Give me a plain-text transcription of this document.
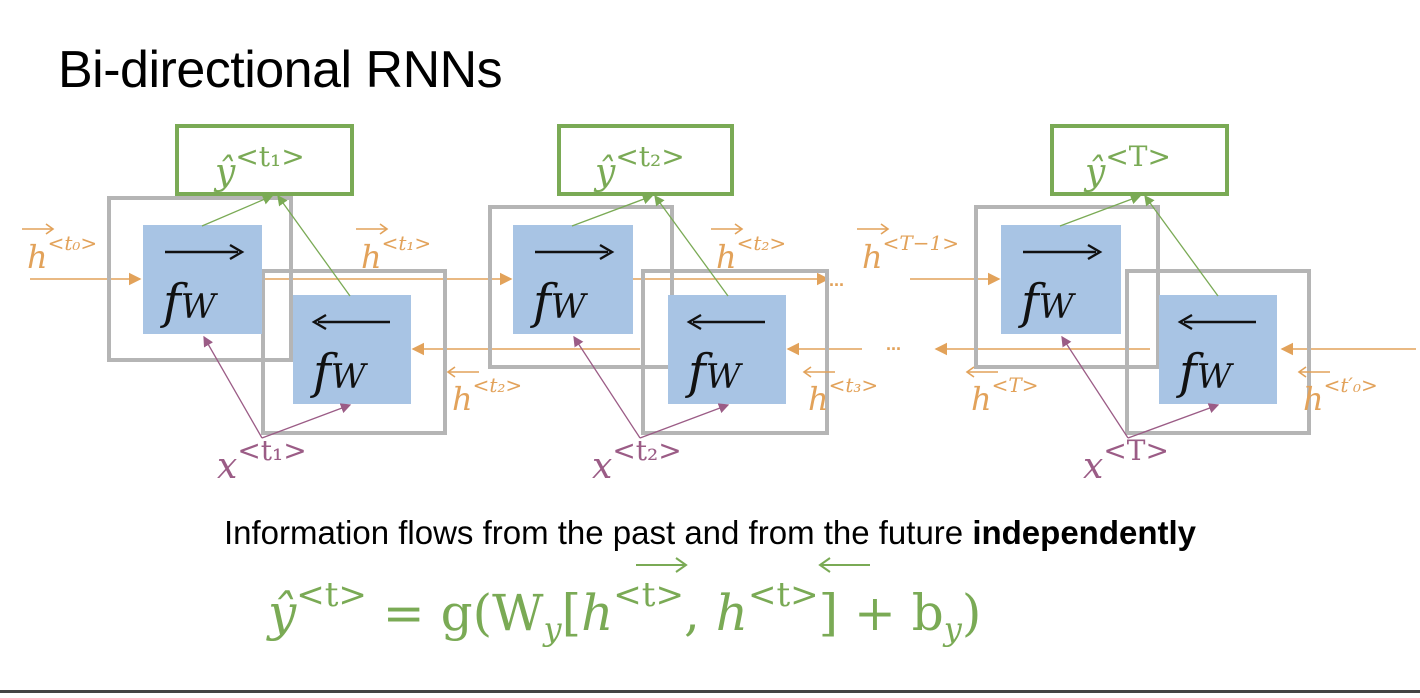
Bi-directional RNNs
...
...
fW	fW	fW
fW	fW	fW
$ŷ^{<t_1>}$	$ŷ^{<t_2>}$	$ŷ^{<T>}$
$x^{<t_1>}$	$x^{<t_2>}$	$x^{<T>}$
$h^{<t_0>}$	$h^{<t_1>}$	$h^{<t_2>}$ $h^{<T-1>}$
$h^{<t_2>}$	$h^{<t_3>}$	$h^{<T>}$	$h^{<t'_0>}$
$ŷ^{<t>} = g(W_y[h^{<t>}$, $h^{<t>}] + b_y$)
Information flows from the past and from the future independently
